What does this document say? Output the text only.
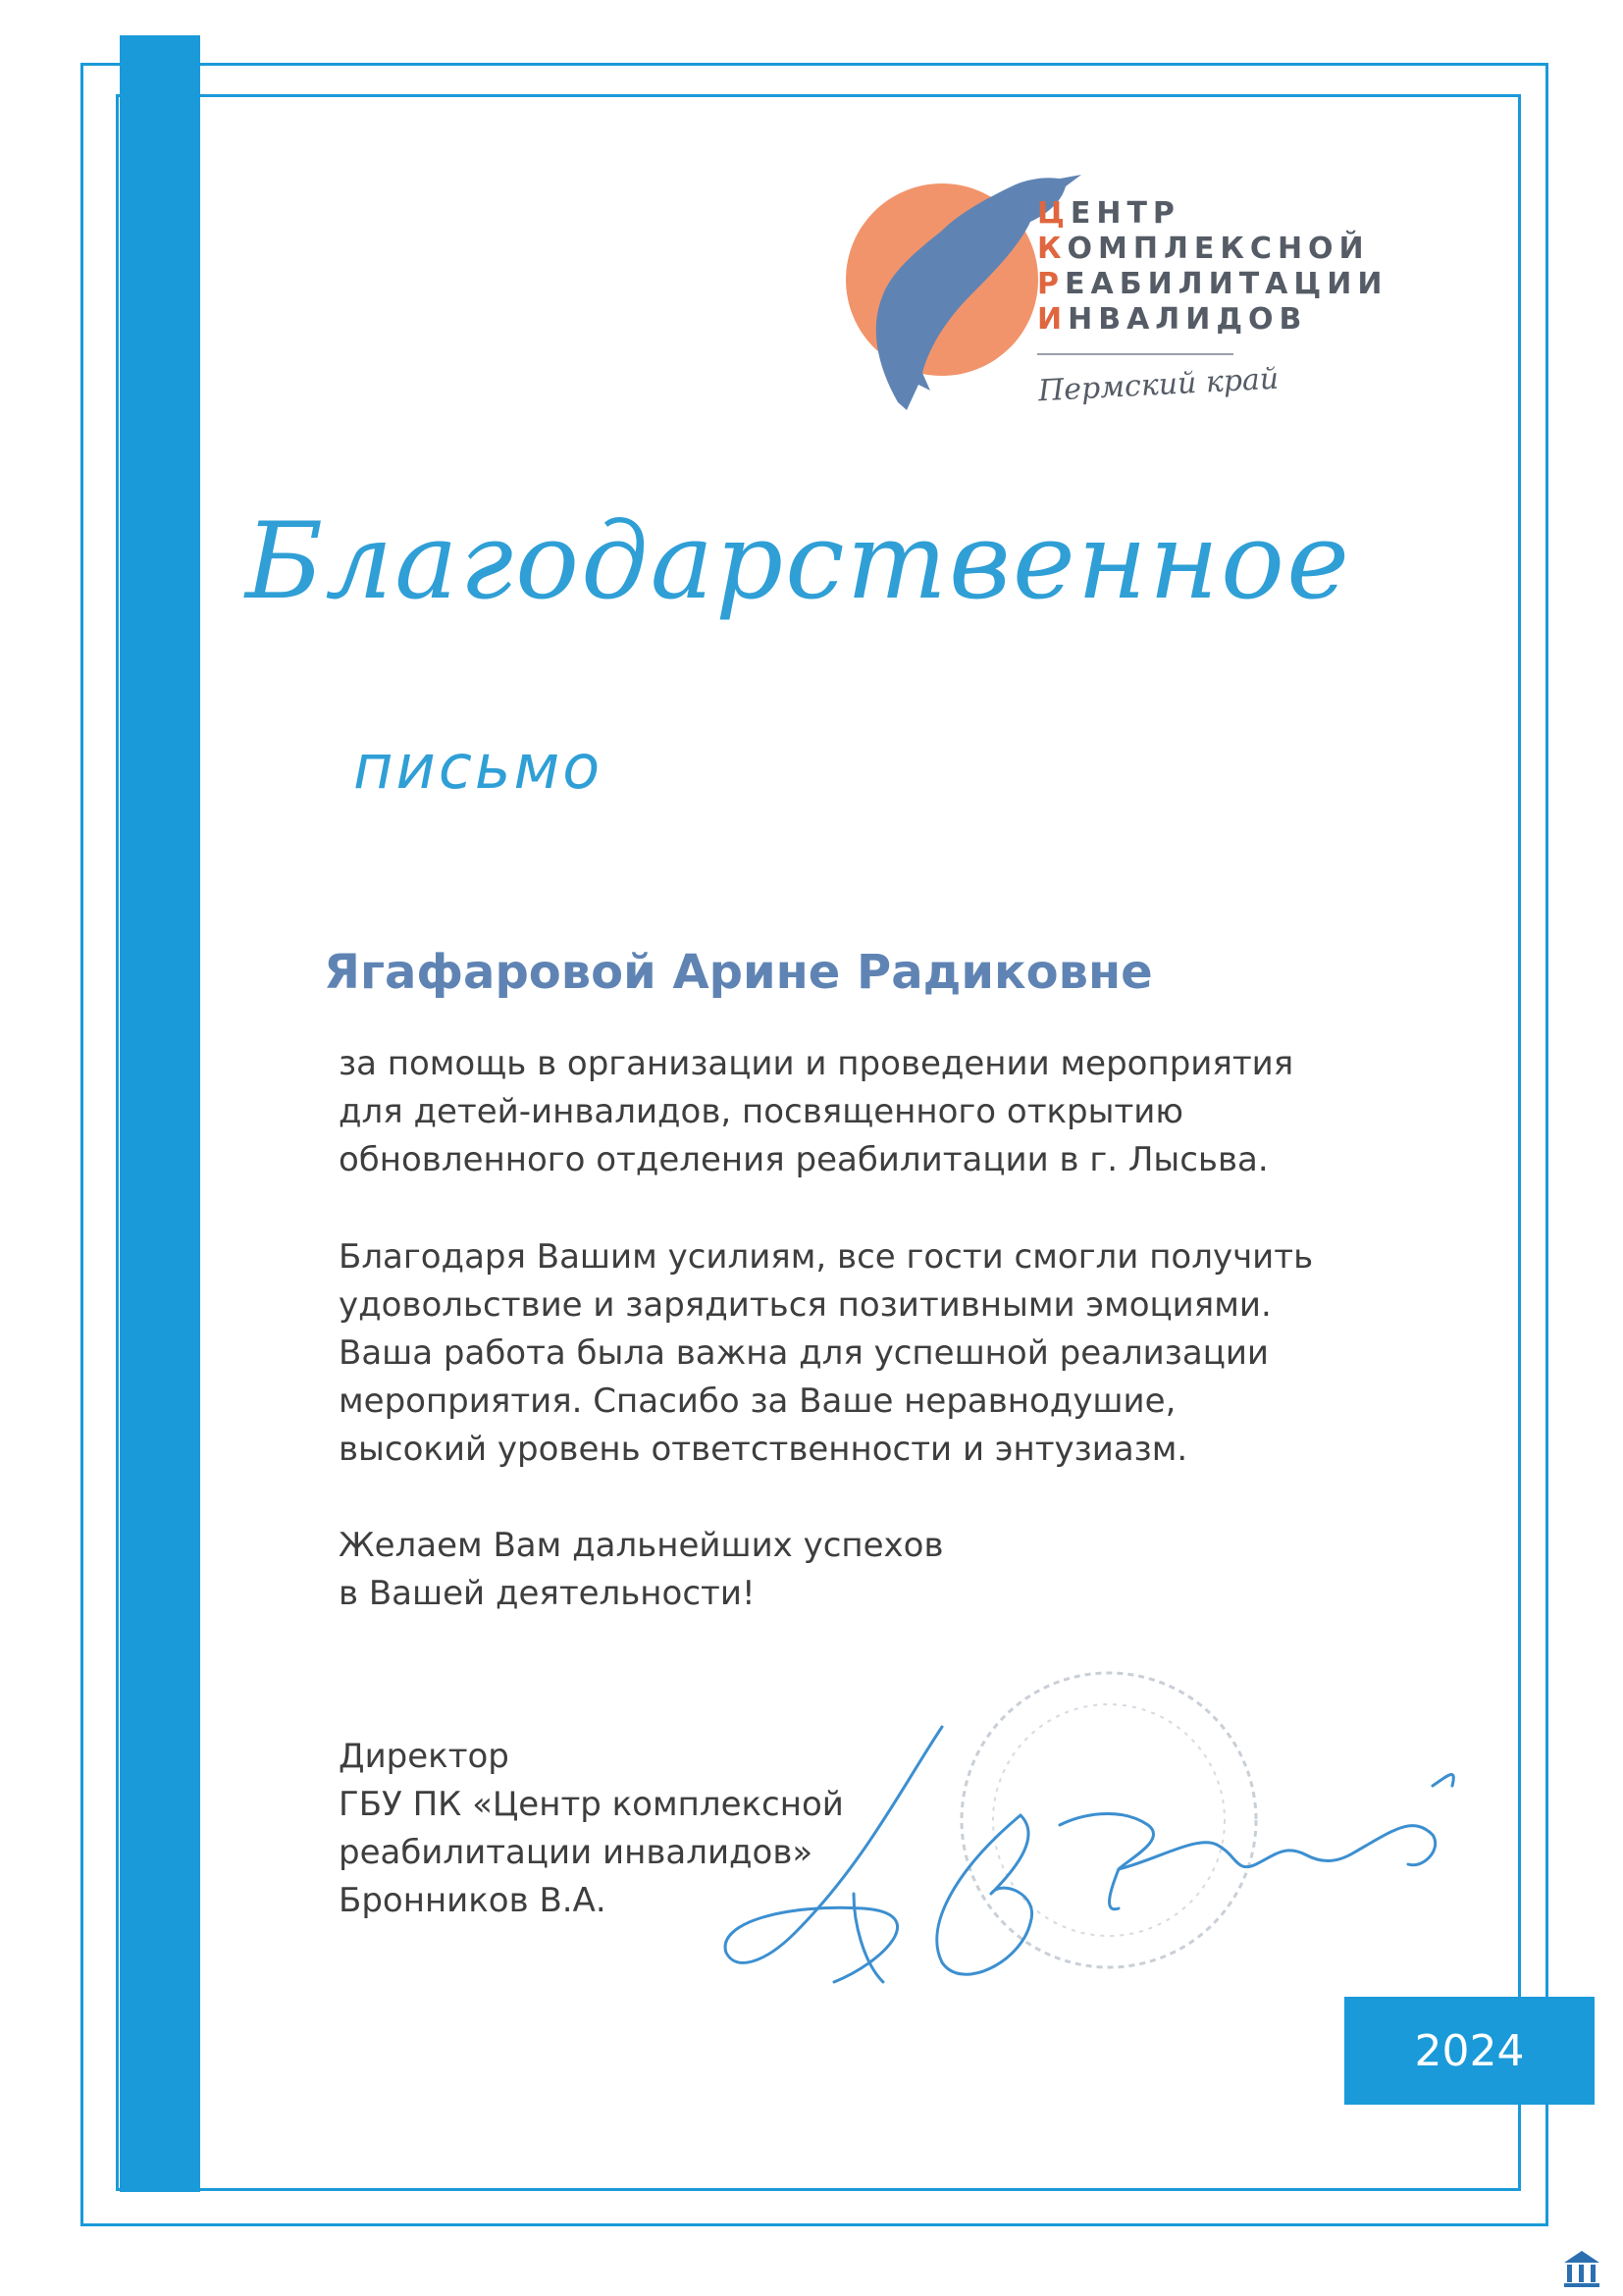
ЦЕНТР
КОМПЛЕКСНОЙ
РЕАБИЛИТАЦИИ
ИНВАЛИДОВ
Пермский край
Благодарственное
письмо
Ягафаровой Арине Радиковне
за помощь в организации и проведении мероприятия
для детей-инвалидов, посвященного открытию
обновленного отделения реабилитации в г. Лысьва.
Благодаря Вашим усилиям, все гости смогли получить
удовольствие и зарядиться позитивными эмоциями.
Ваша работа была важна для успешной реализации
мероприятия. Спасибо за Ваше неравнодушие,
высокий уровень ответственности и энтузиазм.
Желаем Вам дальнейших успехов
в Вашей деятельности!
Директор
ГБУ ПК «Центр комплексной
реабилитации инвалидов»
Бронников В.А.
2024
